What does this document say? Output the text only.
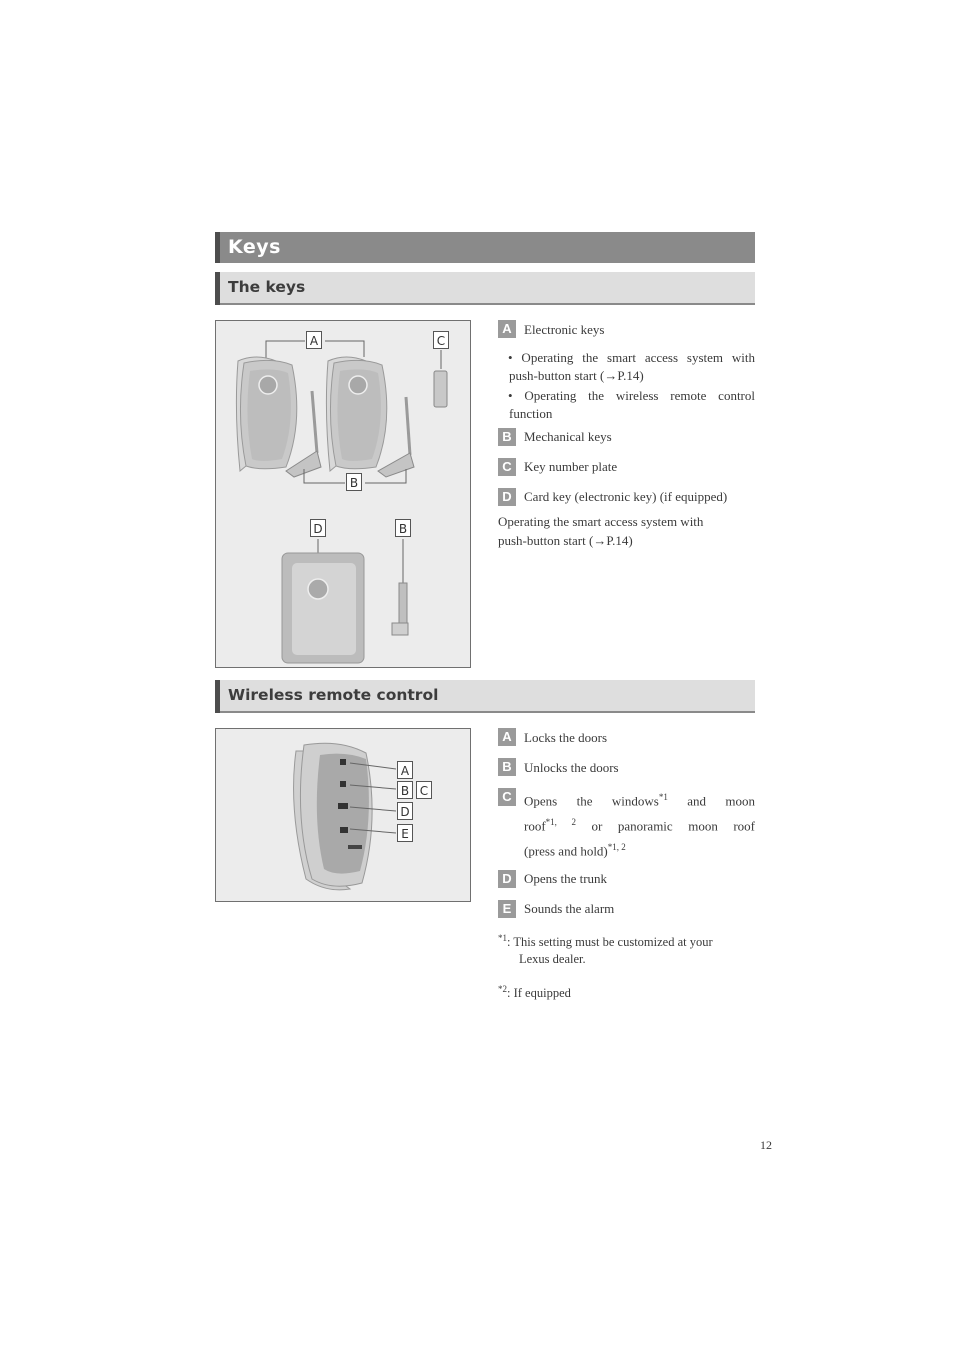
Keys
The keys
A	C
B
D	B
A Electronic keys
• Operating the smart access system with
push-button start (→P.14)
• Operating the wireless remote control
function
B Mechanical keys
C Key number plate
D Card key (electronic key) (if equipped)
Operating the smart access system with
push-button start (→P.14)
Wireless remote control
A
B C
D
E
A Locks the doors
B Unlocks the doors
C Opens the windows$^{*1}$ and moon
roof$^{*1, 2}$ or panoramic moon roof
(press and hold)$^{*1, 2}$
D Opens the trunk
E Sounds the alarm
$^{*1}$: This setting must be customized at your
Lexus dealer.
$^{*2}$: If equipped
12
